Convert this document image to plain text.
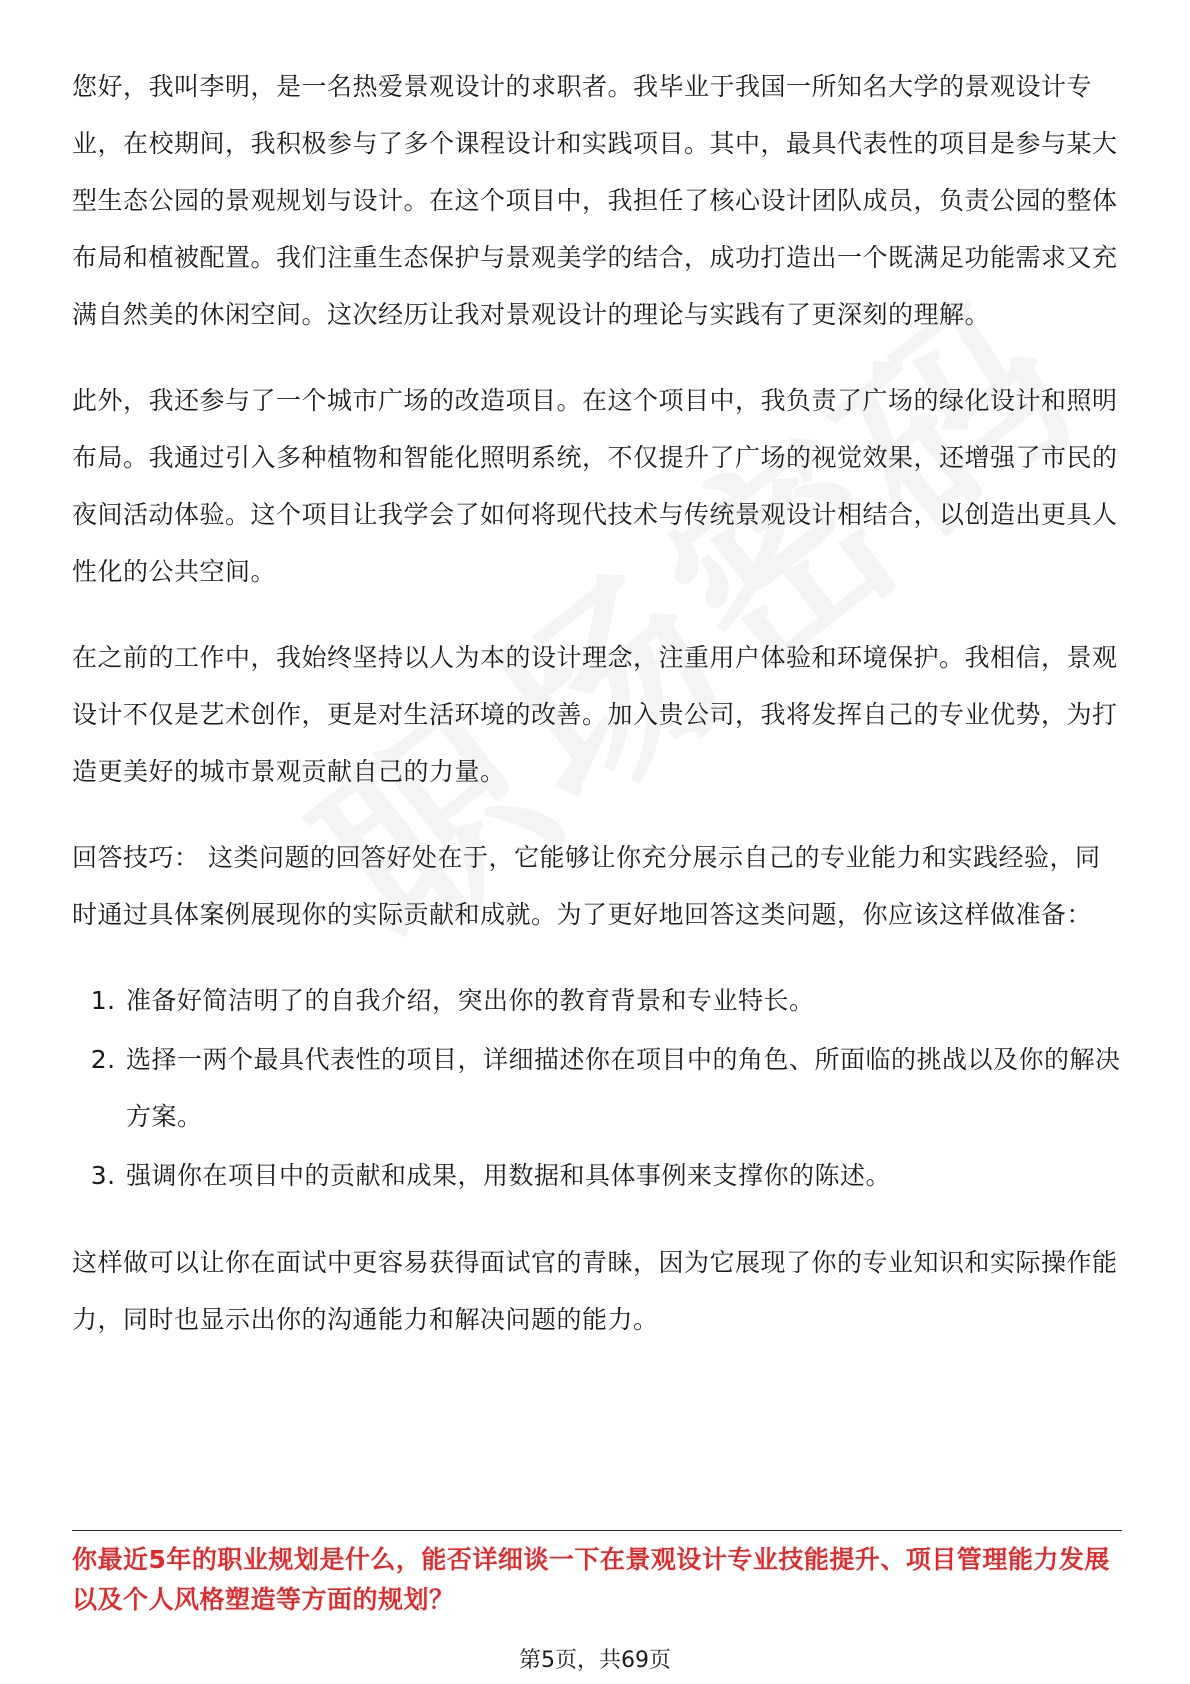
您好，我叫李明，是一名热爱景观设计的求职者。我毕业于我国一所知名大学的景观设计专业，在校期间，我积极参与了多个课程设计和实践项目。其中，最具代表性的项目是参与某大型生态公园的景观规划与设计。在这个项目中，我担任了核心设计团队成员，负责公园的整体布局和植被配置。我们注重生态保护与景观美学的结合，成功打造出一个既满足功能需求又充满自然美的休闲空间。这次经历让我对景观设计的理论与实践有了更深刻的理解。

此外，我还参与了一个城市广场的改造项目。在这个项目中，我负责了广场的绿化设计和照明布局。我通过引入多种植物和智能化照明系统，不仅提升了广场的视觉效果，还增强了市民的夜间活动体验。这个项目让我学会了如何将现代技术与传统景观设计相结合，以创造出更具人性化的公共空间。

在之前的工作中，我始终坚持以人为本的设计理念，注重用户体验和环境保护。我相信，景观设计不仅是艺术创作，更是对生活环境的改善。加入贵公司，我将发挥自己的专业优势，为打造更美好的城市景观贡献自己的力量。

回答技巧： 这类问题的回答好处在于，它能够让你充分展示自己的专业能力和实践经验，同时通过具体案例展现你的实际贡献和成就。为了更好地回答这类问题，你应该这样做准备：

1. 准备好简洁明了的自我介绍，突出你的教育背景和专业特长。
2. 选择一两个最具代表性的项目，详细描述你在项目中的角色、所面临的挑战以及你的解决方案。
3. 强调你在项目中的贡献和成果，用数据和具体事例来支撑你的陈述。

这样做可以让你在面试中更容易获得面试官的青睐，因为它展现了你的专业知识和实际操作能力，同时也显示出你的沟通能力和解决问题的能力。

你最近5年的职业规划是什么，能否详细谈一下在景观设计专业技能提升、项目管理能力发展以及个人风格塑造等方面的规划？

第5页，共69页
